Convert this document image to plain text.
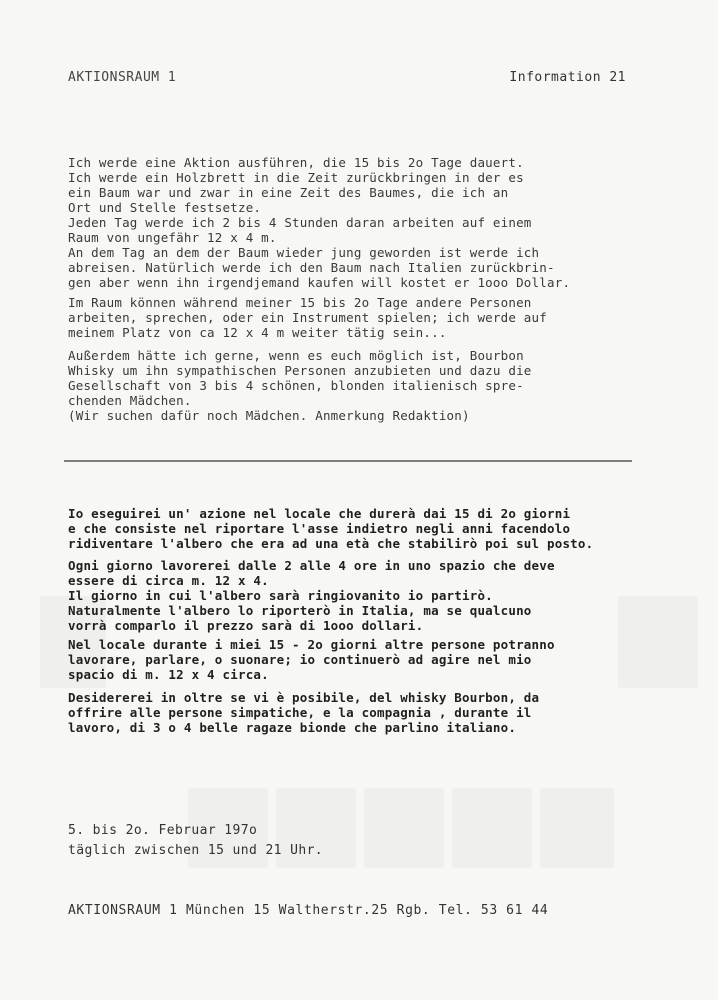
AKTIONSRAUM 1	Information 21
Ich werde eine Aktion ausführen, die 15 bis 2o Tage dauert.
Ich werde ein Holzbrett in die Zeit zurückbringen in der es
ein Baum war und zwar in eine Zeit des Baumes, die ich an
Ort und Stelle festsetze.
Jeden Tag werde ich 2 bis 4 Stunden daran arbeiten auf einem
Raum von ungefähr 12 x 4 m.
An dem Tag an dem der Baum wieder jung geworden ist werde ich
abreisen. Natürlich werde ich den Baum nach Italien zurückbrin-
gen aber wenn ihn irgendjemand kaufen will kostet er 1ooo Dollar.
Im Raum können während meiner 15 bis 2o Tage andere Personen
arbeiten, sprechen, oder ein Instrument spielen; ich werde auf
meinem Platz von ca 12 x 4 m weiter tätig sein...
Außerdem hätte ich gerne, wenn es euch möglich ist, Bourbon
Whisky um ihn sympathischen Personen anzubieten und dazu die
Gesellschaft von 3 bis 4 schönen, blonden italienisch spre-
chenden Mädchen.
(Wir suchen dafür noch Mädchen. Anmerkung Redaktion)
Io eseguirei un' azione nel locale che durerà dai 15 di 2o giorni
e che consiste nel riportare l'asse indietro negli anni facendolo
ridiventare l'albero che era ad una età che stabilirò poi sul posto.
Ogni giorno lavorerei dalle 2 alle 4 ore in uno spazio che deve
essere di circa m. 12 x 4.
Il giorno in cui l'albero sarà ringiovanito io partirò.
Naturalmente l'albero lo riporterò in Italia, ma se qualcuno
vorrà comparlo il prezzo sarà di 1ooo dollari.
Nel locale durante i miei 15 - 2o giorni altre persone potranno
lavorare, parlare, o suonare; io continuerò ad agire nel mio
spacio di m. 12 x 4 circa.
Desidererei in oltre se vi è posibile, del whisky Bourbon, da
offrire alle persone simpatiche, e la compagnia , durante il
lavoro, di 3 o 4 belle ragaze bionde che parlino italiano.
5. bis 2o. Februar 197o
täglich zwischen 15 und 21 Uhr.
AKTIONSRAUM 1 München 15 Waltherstr.25 Rgb. Tel. 53 61 44
